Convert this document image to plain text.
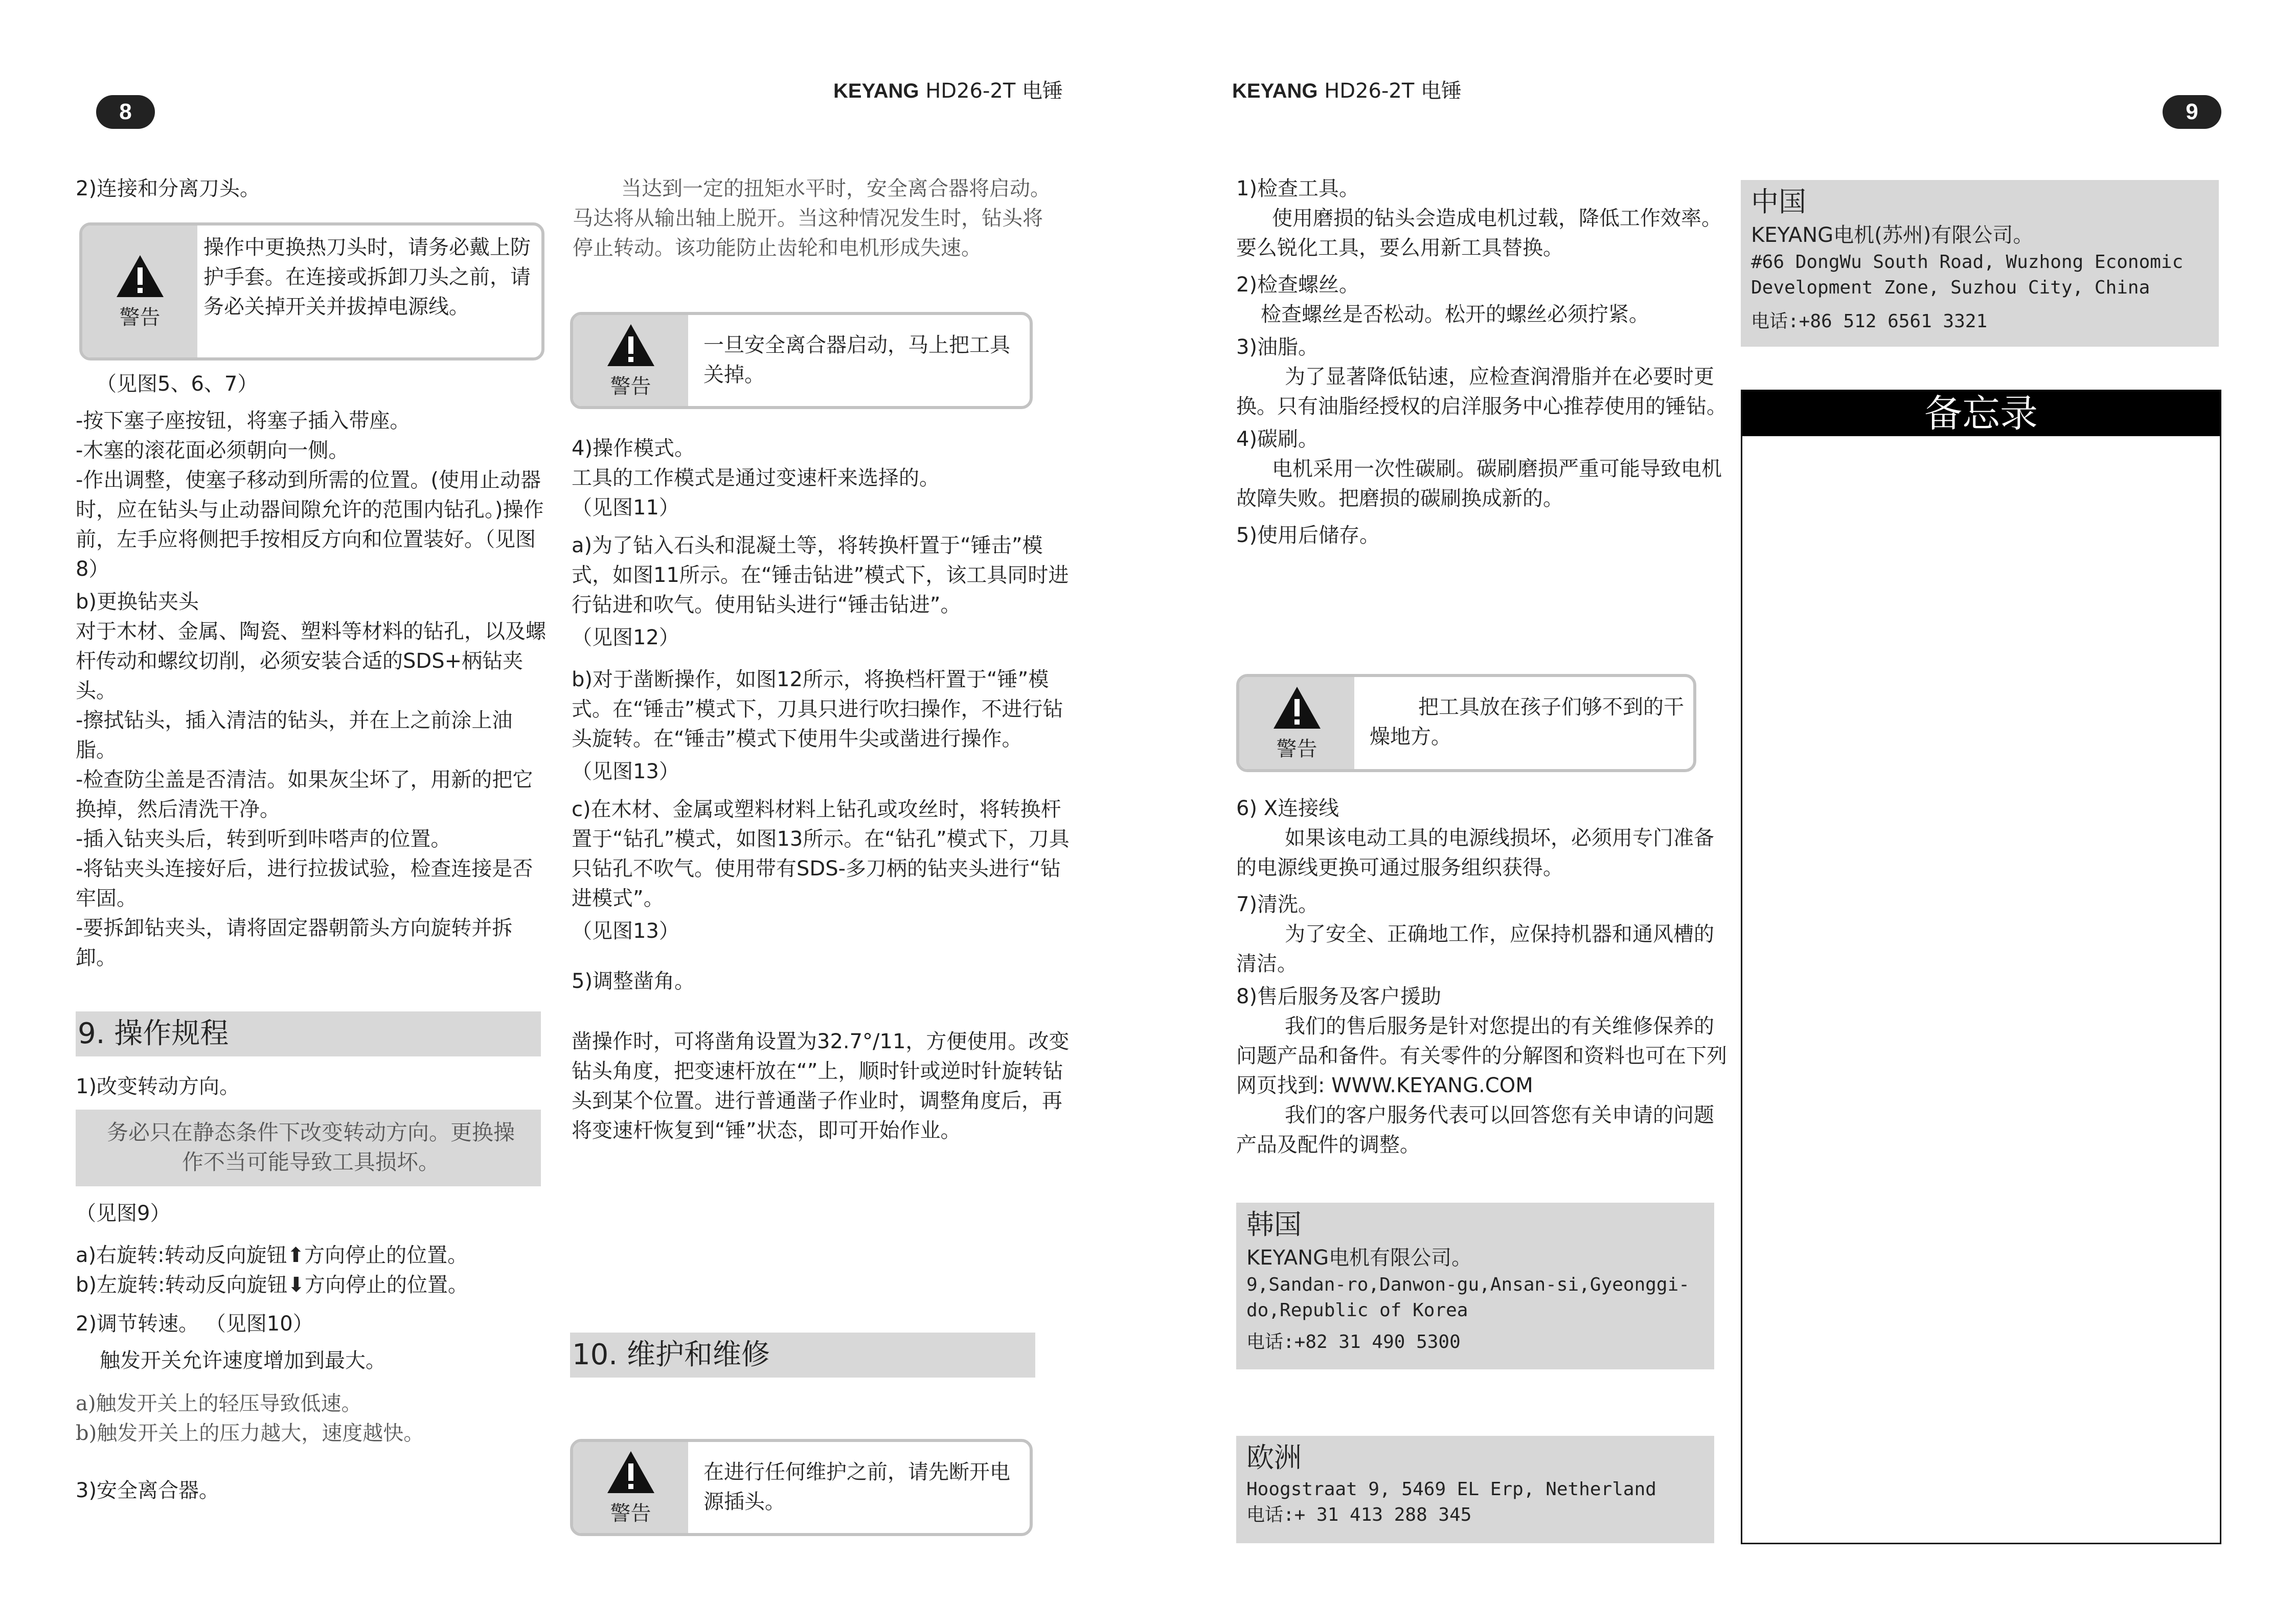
8
KEYANG HD26-2T 电锤	KEYANG HD26-2T 电锤
9
2)连接和分离刀头。
警告
操作中更换热刀头时，请务必戴上防护手套。在连接或拆卸刀头之前，请务必关掉开关并拔掉电源线。
（见图5、6、7）
-按下塞子座按钮，将塞子插入带座。
-木塞的滚花面必须朝向一侧。
-作出调整，使塞子移动到所需的位置。(使用止动器时，应在钻头与止动器间隙允许的范围内钻孔。)操作前，左手应将侧把手按相反方向和位置装好。（见图8）
b)更换钻夹头
对于木材、金属、陶瓷、塑料等材料的钻孔，以及螺杆传动和螺纹切削，必须安装合适的SDS+柄钻夹头。
-擦拭钻头，插入清洁的钻头，并在上之前涂上油脂。
-检查防尘盖是否清洁。如果灰尘坏了，用新的把它换掉，然后清洗干净。
-插入钻夹头后，转到听到咔嗒声的位置。
-将钻夹头连接好后，进行拉拔试验，检查连接是否牢固。
-要拆卸钻夹头，请将固定器朝箭头方向旋转并拆卸。
9. 操作规程
1)改变转动方向。
务必只在静态条件下改变转动方向。更换操作不当可能导致工具损坏。
（见图9）
a)右旋转:转动反向旋钮⬆方向停止的位置。
b)左旋转:转动反向旋钮⬇方向停止的位置。
2)调节转速。 （见图10）
触发开关允许速度增加到最大。
a)触发开关上的轻压导致低速。
b)触发开关上的压力越大，速度越快。
3)安全离合器。
当达到一定的扭矩水平时，安全离合器将启动。马达将从输出轴上脱开。当这种情况发生时，钻头将停止转动。该功能防止齿轮和电机形成失速。
警告
一旦安全离合器启动，马上把工具关掉。
4)操作模式。
工具的工作模式是通过变速杆来选择的。
（见图11）
a)为了钻入石头和混凝土等，将转换杆置于“锤击”模式，如图11所示。在“锤击钻进”模式下，该工具同时进行钻进和吹气。使用钻头进行“锤击钻进”。
（见图12）
b)对于凿断操作，如图12所示，将换档杆置于“锤”模式。在“锤击”模式下，刀具只进行吹扫操作，不进行钻头旋转。在“锤击”模式下使用牛尖或凿进行操作。
（见图13）
c)在木材、金属或塑料材料上钻孔或攻丝时，将转换杆置于“钻孔”模式，如图13所示。在“钻孔”模式下，刀具只钻孔不吹气。使用带有SDS-多刀柄的钻夹头进行“钻进模式”。
（见图13）
5)调整凿角。
凿操作时，可将凿角设置为32.7°/11，方便使用。改变钻头角度，把变速杆放在“”上，顺时针或逆时针旋转钻头到某个位置。进行普通凿子作业时，调整角度后，再将变速杆恢复到“锤”状态，即可开始作业。
10. 维护和维修
警告
在进行任何维护之前，请先断开电源插头。
1)检查工具。
使用磨损的钻头会造成电机过载，降低工作效率。要么锐化工具，要么用新工具替换。
2)检查螺丝。
检查螺丝是否松动。松开的螺丝必须拧紧。
3)油脂。
为了显著降低钻速，应检查润滑脂并在必要时更换。只有油脂经授权的启洋服务中心推荐使用的锤钻。
4)碳刷。
电机采用一次性碳刷。碳刷磨损严重可能导致电机故障失败。把磨损的碳刷换成新的。
5)使用后储存。
警告
把工具放在孩子们够不到的干燥地方。
6) X连接线
如果该电动工具的电源线损坏，必须用专门准备的电源线更换可通过服务组织获得。
7)清洗。
为了安全、正确地工作，应保持机器和通风槽的清洁。
8)售后服务及客户援助
我们的售后服务是针对您提出的有关维修保养的问题产品和备件。有关零件的分解图和资料也可在下列网页找到: WWW.KEYANG.COM
我们的客户服务代表可以回答您有关申请的问题产品及配件的调整。
韩国
KEYANG电机有限公司。
9,Sandan-ro,Danwon-gu,Ansan-si,Gyeonggi-do,Republic of Korea
电话:+82 31 490 5300
欧洲
Hoogstraat 9, 5469 EL Erp, Netherland
电话:+ 31 413 288 345
中国
KEYANG电机(苏州)有限公司。
#66 DongWu South Road, Wuzhong Economic Development Zone, Suzhou City, China
电话:+86 512 6561 3321
备忘录
